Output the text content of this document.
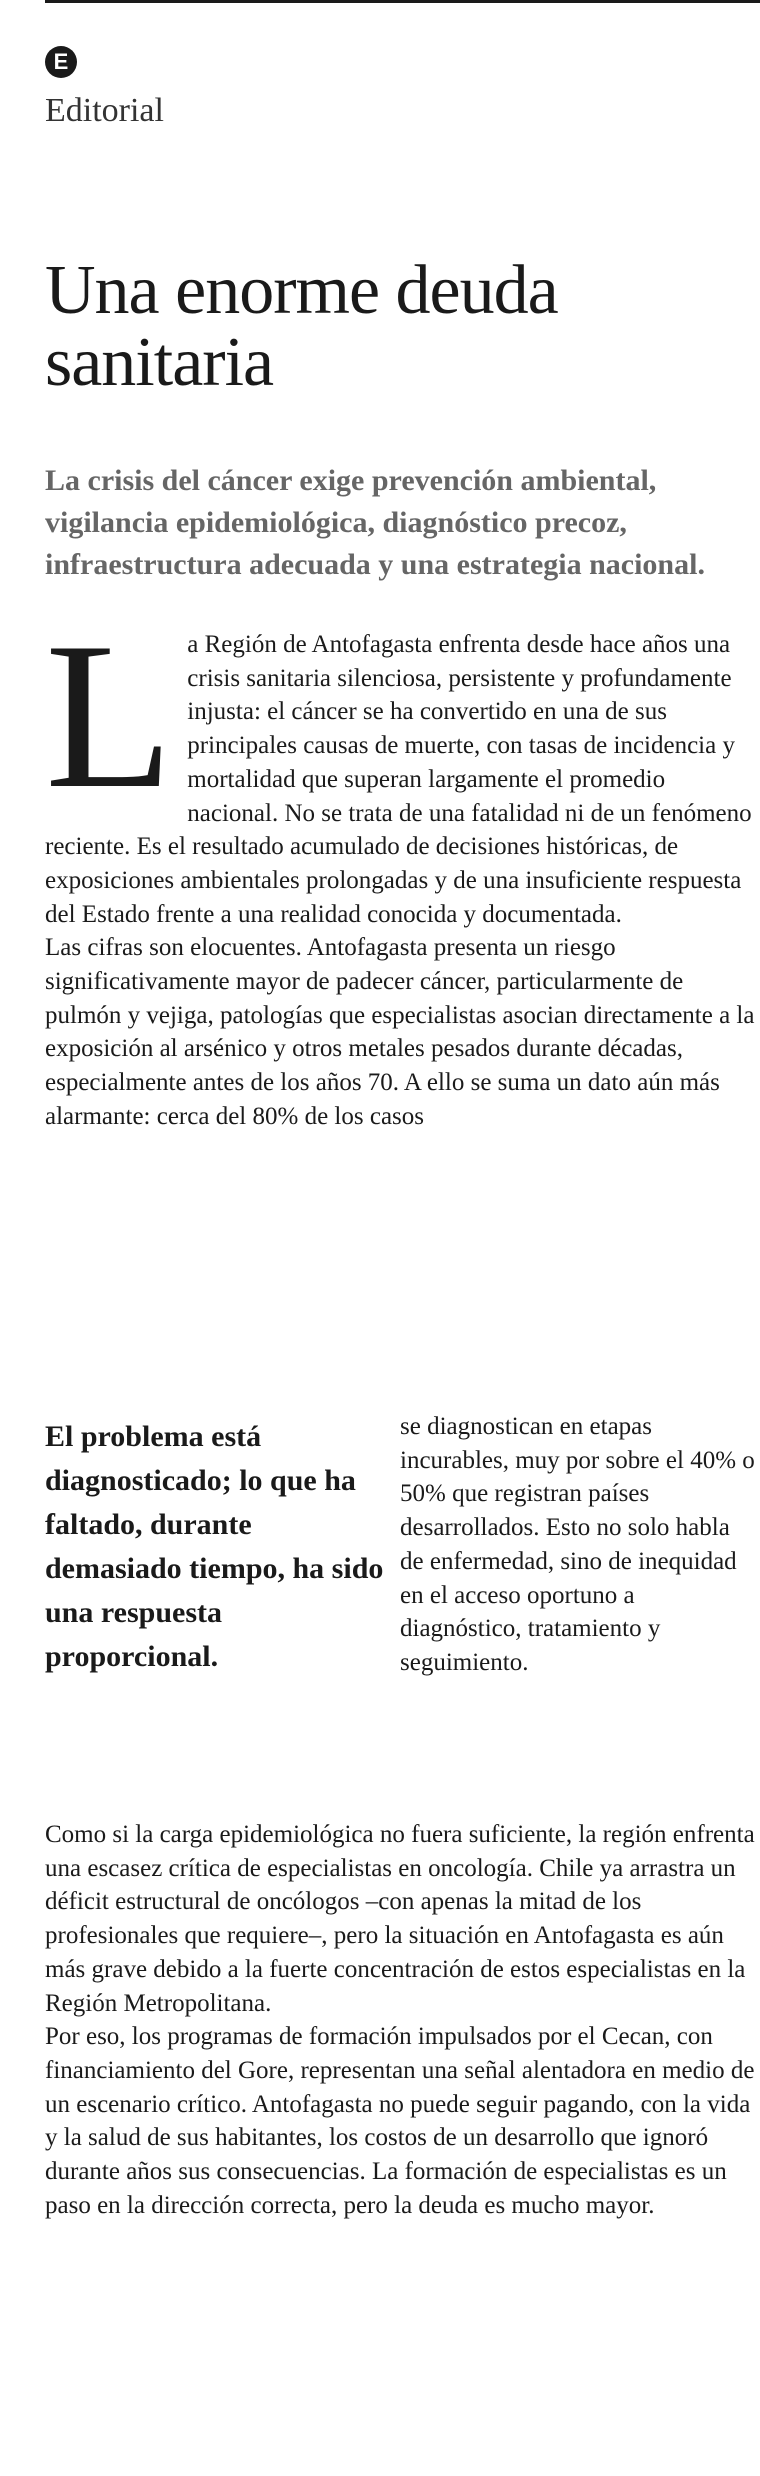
E
Editorial
Una enorme deuda sanitaria
La crisis del cáncer exige prevención ambiental, vigilancia epidemiológica, diagnóstico precoz, infraestructura adecuada y una estrategia nacional.
L a Región de Antofagasta enfrenta desde hace años una crisis sanitaria silenciosa, persistente y profundamente injusta: el cáncer se ha convertido en una de sus principales causas de muerte, con tasas de incidencia y mortalidad que superan largamente el promedio nacional. No se trata de una fatalidad ni de un fenómeno reciente. Es el resultado acumulado de decisiones históricas, de exposiciones ambientales prolongadas y de una insuficiente respuesta del Estado frente a una realidad conocida y documentada.

Las cifras son elocuentes. Antofagasta presenta un riesgo significativamente mayor de padecer cáncer, particularmente de pulmón y vejiga, patologías que especialistas asocian directamente a la exposición al arsénico y otros metales pesados durante décadas, especialmente antes de los años 70. A ello se suma un dato aún más alarmante: cerca del 80% de los casos

El problema está diagnosticado; lo que ha faltado, durante demasiado tiempo, ha sido una respuesta proporcional.
se diagnostican en etapas incurables, muy por sobre el 40% o 50% que registran países desarrollados. Esto no solo habla de enfermedad, sino de inequidad en el acceso oportuno a diagnóstico, tratamiento y seguimiento.

Como si la carga epidemiológica no fuera suficiente, la región enfrenta una escasez crítica de especialistas en oncología. Chile ya arrastra un déficit estructural de oncólogos –con apenas la mitad de los profesionales que requiere–, pero la situación en Antofagasta es aún más grave debido a la fuerte concentración de estos especialistas en la Región Metropolitana.

Por eso, los programas de formación impulsados por el Cecan, con financiamiento del Gore, representan una señal alentadora en medio de un escenario crítico. Antofagasta no puede seguir pagando, con la vida y la salud de sus habitantes, los costos de un desarrollo que ignoró durante años sus consecuencias. La formación de especialistas es un paso en la dirección correcta, pero la deuda es mucho mayor.
